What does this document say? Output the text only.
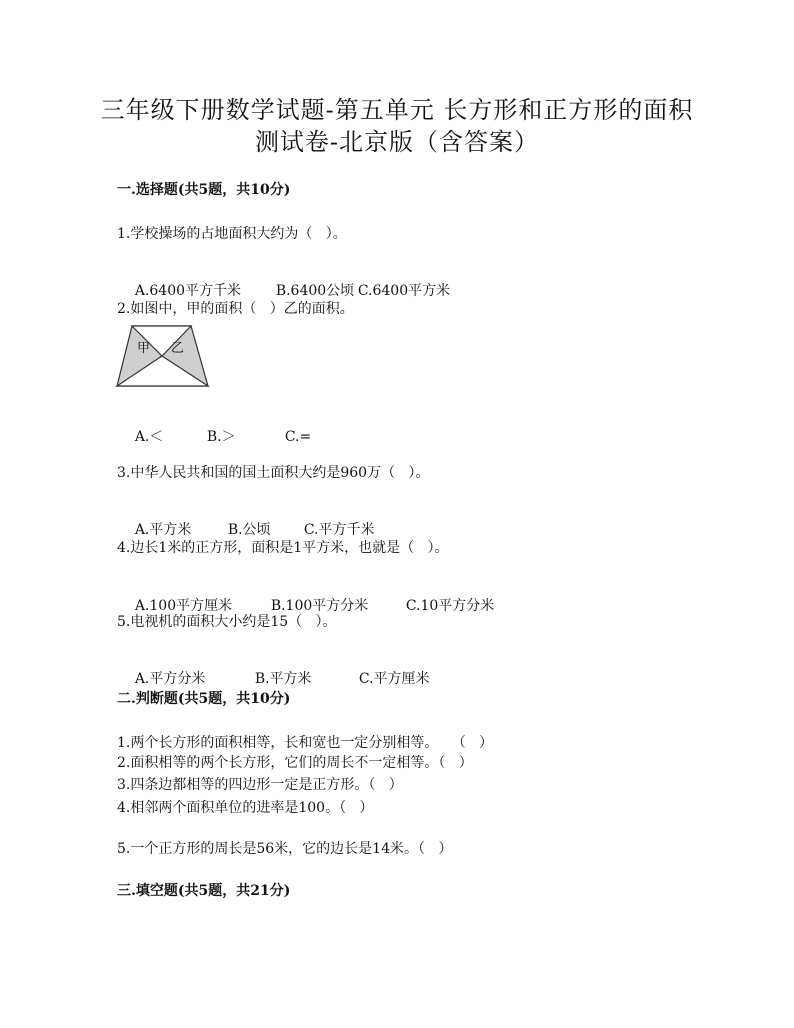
三年级下册数学试题-第五单元 长方形和正方形的面积
测试卷-北京版（含答案）
一.选择题(共5题，共10分)
1.学校操场的占地面积大约为（   ）。

A.6400平方千米 B.6400公顷 C.6400平方米

2.如图中，甲的面积（   ）乙的面积。
甲 乙

A.＜	B.＞	C.=

3.中华人民共和国的国土面积大约是960万（   ）。

A.平方米	B.公顷 C.平方千米

4.边长1米的正方形，面积是1平方米，也就是（   ）。

A.100平方厘米	B.100平方分米	C.10平方分米

5.电视机的面积大小约是15（   ）。

A.平方分米	B.平方米	C.平方厘米

二.判断题(共5题，共10分)
1.两个长方形的面积相等，长和宽也一定分别相等。   （   ）
2.面积相等的两个长方形，它们的周长不一定相等。（   ）
3.四条边都相等的四边形一定是正方形。（   ）
4.相邻两个面积单位的进率是100。（   ）
5.一个正方形的周长是56米，它的边长是14米。（   ）
三.填空题(共5题，共21分)
